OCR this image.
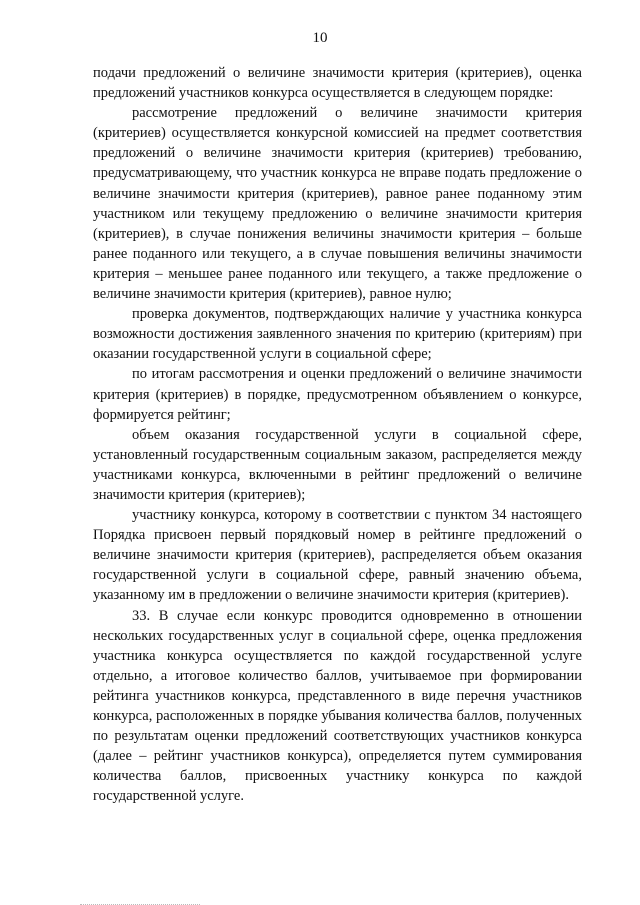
10

подачи предложений о величине значимости критерия (критериев), оценка предложений участников конкурса осуществляется в следующем порядке:

рассмотрение предложений о величине значимости критерия (критериев) осуществляется конкурсной комиссией на предмет соответствия предложений о величине значимости критерия (критериев) требованию, предусматривающему, что участник конкурса не вправе подать предложение о величине значимости критерия (критериев), равное ранее поданному этим участником или текущему предложению о величине значимости критерия (критериев), в случае понижения величины значимости критерия – больше ранее поданного или текущего, а в случае повышения величины значимости критерия – меньшее ранее поданного или текущего, а также предложение о величине значимости критерия (критериев), равное нулю;

проверка документов, подтверждающих наличие у участника конкурса возможности достижения заявленного значения по критерию (критериям) при оказании государственной услуги в социальной сфере;

по итогам рассмотрения и оценки предложений о величине значимости критерия (критериев) в порядке, предусмотренном объявлением о конкурсе, формируется рейтинг;

объем оказания государственной услуги в социальной сфере, установленный государственным социальным заказом, распределяется между участниками конкурса, включенными в рейтинг предложений о величине значимости критерия (критериев);

участнику конкурса, которому в соответствии с пунктом 34 настоящего Порядка присвоен первый порядковый номер в рейтинге предложений о величине значимости критерия (критериев), распределяется объем оказания государственной услуги в социальной сфере, равный значению объема, указанному им в предложении о величине значимости критерия (критериев).

33. В случае если конкурс проводится одновременно в отношении нескольких государственных услуг в социальной сфере, оценка предложения участника конкурса осуществляется по каждой государственной услуге отдельно, а итоговое количество баллов, учитываемое при формировании рейтинга участников конкурса, представленного в виде перечня участников конкурса, расположенных в порядке убывания количества баллов, полученных по результатам оценки предложений соответствующих участников конкурса (далее – рейтинг участников конкурса), определяется путем суммирования количества баллов, присвоенных участнику конкурса по каждой государственной услуге.
